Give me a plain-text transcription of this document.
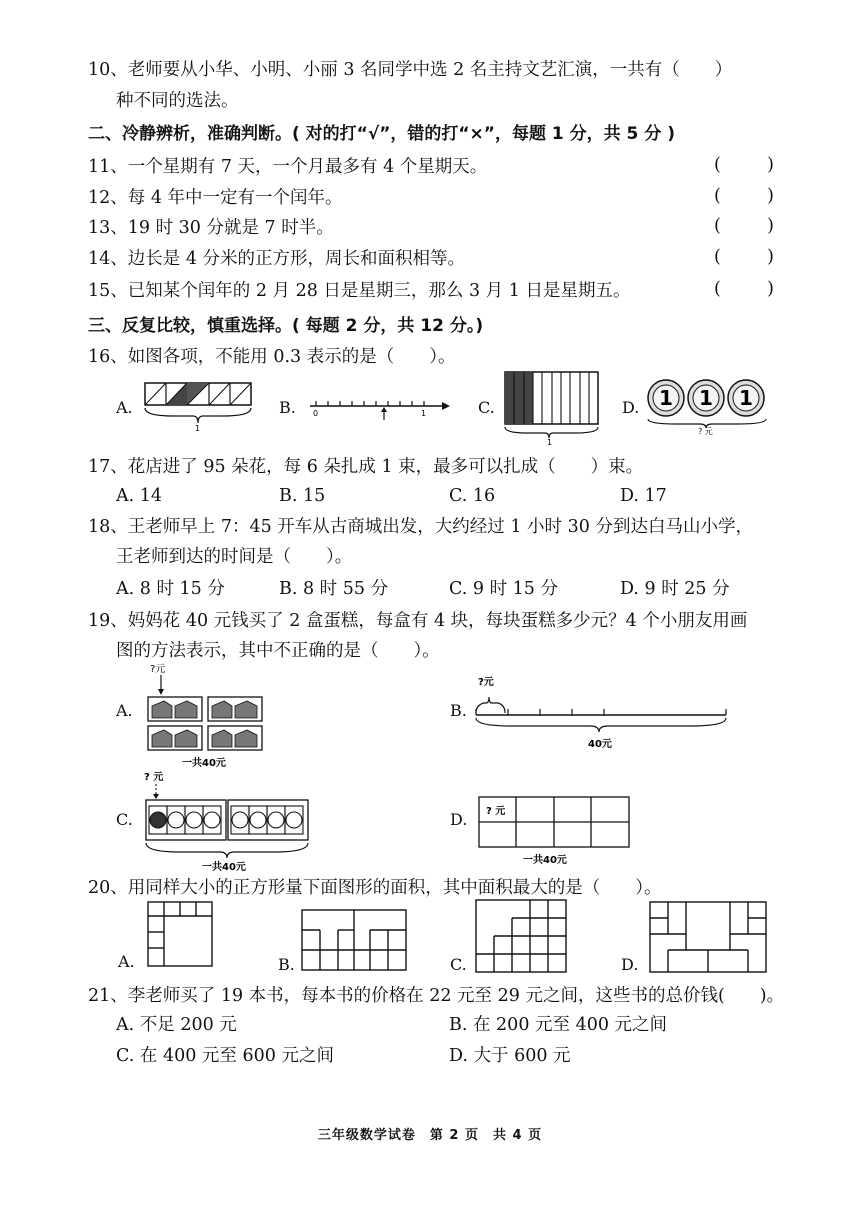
10、老师要从小华、小明、小丽 3 名同学中选 2 名主持文艺汇演，一共有（　　）
种不同的选法。
二、冷静辨析，准确判断。( 对的打“√”，错的打“×”，每题 1 分，共 5 分 )
11、一个星期有 7 天，一个月最多有 4 个星期天。	(	)
12、每 4 年中一定有一个闰年。	(	)
13、19 时 30 分就是 7 时半。	(	)
14、边长是 4 分米的正方形，周长和面积相等。	(	)
15、已知某个闰年的 2 月 28 日是星期三，那么 3 月 1 日是星期五。	(	)
三、反复比较，慎重选择。( 每题 2 分，共 12 分。)
16、如图各项，不能用 0.3 表示的是（　　）。
A.
1
B. 0	1	C.
1
D. 1 1 1
? 元
17、花店进了 95 朵花，每 6 朵扎成 1 束，最多可以扎成（　　）束。
A. 14	B. 15	C. 16	D. 17
18、王老师早上 7：45 开车从古商城出发，大约经过 1 小时 30 分到达白马山小学，
王老师到达的时间是（　　）。
A. 8 时 15 分	B. 8 时 55 分	C. 9 时 15 分	D. 9 时 25 分
19、妈妈花 40 元钱买了 2 盒蛋糕，每盒有 4 块，每块蛋糕多少元？4 个小朋友用画
图的方法表示，其中不正确的是（　　）。
A.
?元
一共40元
B.
?元
40元
C.
? 元
一共40元
D. ? 元
一共40元
20、用同样大小的正方形量下面图形的面积，其中面积最大的是（　　）。
A.	B.	C.	D.
21、李老师买了 19 本书，每本书的价格在 22 元至 29 元之间，这些书的总价钱(　　)。
A. 不足 200 元	B. 在 200 元至 400 元之间
C. 在 400 元至 600 元之间	D. 大于 600 元
三年级数学试卷　第 2 页　共 4 页
